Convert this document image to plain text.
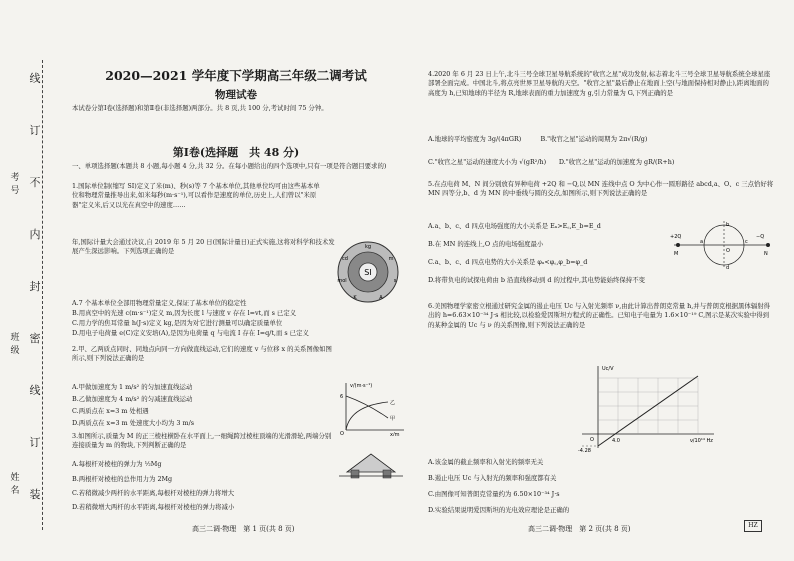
考号
班级
姓名
线
订
不
内
封
密
线
订
装
2020—2021 学年度下学期高三年级二调考试
物理试卷
本试卷分第Ⅰ卷(选择题)和第Ⅱ卷(非选择题)两部分。共 8 页,共 100 分,考试时间 75 分钟。
第Ⅰ卷(选择题　共 48 分)
一、单项选择题(本题共 8 小题,每小题 4 分,共 32 分。在每小题给出的四个选项中,只有一项是符合题目要求的)
1.国际单位制(缩写 SI)定义了米(m)、秒(s)等 7 个基本单位,其他单位均可由这些基本单位和物理常量推导出来,如米每秒(m·s⁻¹),可以看作是速度的单位,历史上,人们曾以"米原器"定义米,后又以光在真空中的速度……
年,国际计量大会通过决议,自 2019 年 5 月 20 日(国际计量日)正式实施,这将对科学和技术发展产生深远影响。下列选项正确的是
A.7 个基本单位全部用物理常量定义,保证了基本单位的稳定性
B.用真空中的光速 c(m·s⁻¹)定义 m,因为长度 l 与速度 v 存在 l=vt,而 s 已定义
C.用力学的焦耳常量 h(J·s)定义 kg,是因为对它进行测量可以确定质量单位
D.用电子电荷量 e(C)定义安培(A),是因为电荷量 q 与电流 I 存在 I=q/t,而 s 已定义
2.甲、乙两质点同时、同地点向同一方向做直线运动,它们的速度 v 与位移 x 的关系图像如图所示,则下列说法正确的是
A.甲做加速度为 1 m/s² 的匀加速直线运动
B.乙做加速度为 4 m/s² 的匀减速直线运动
C.两质点在 x=3 m 处相遇
D.两质点在 x=3 m 处速度大小均为 3 m/s
3.如图所示,质量为 M 的正三棱柱横卧在水平面上,一细绳跨过棱柱顶端的光滑滑轮,两端分别连接质量为 m 的物块,下列判断正确的是
A.每根杆对棱柱的弹力为 ½Mg
B.两根杆对棱柱的总作用力为 2Mg
C.若稍微减少两杆的水平距离,每根杆对棱柱的弹力将增大
D.若稍微增大两杆的水平距离,每根杆对棱柱的弹力将减小
SI
kg
m
s
A
K
mol
cd
v/(m·s⁻¹)
x/m
6
O
甲
乙
高三二调·物理　第 1 页(共 8 页)
4.2020 年 6 月 23 日上午,北斗三号全球卫星导航系统的"收官之星"成功发射,标志着北斗三号全球卫星导航系统全球星座部署全面完成。中国北斗,将点亮世界卫星导航的天空。"收官之星"最后静止在地面上空(与地面保持相对静止),距离地面的高度为 h,已知地球的半径为 R,地球表面的重力加速度为 g,引力常量为 G,下列正确的是
A.地球的平均密度为 3g/(4πGR)　　　B."收官之星"运动的周期为 2π√(R/g)
C."收官之星"运动的速度大小为 √(gR²/h)　　D."收官之星"运动的加速度为 gR/(R+h)
5.在点电荷 M、N 间分别放有异种电荷 +2Q 和 −Q,以 MN 连线中点 O 为中心作一圆形路径 abcd,a、O、c 三点恰好将 MN 四等分,b、d 为 MN 的中垂线与圆的交点,如图所示,则下列说法正确的是
A.a、b、c、d 四点电场强度的大小关系是 Eₐ>E꜀,E_b=E_d
B.在 MN 的连线上,O 点的电场强度最小
C.a、b、c、d 四点电势的大小关系是 φₐ<φ꜀,φ_b=φ_d
D.将带负电的试探电荷由 b 沿直线移动到 d 的过程中,其电势能始终保持不变
+2Q	−Q
M	N
a
b
c
d
O
6.美国物理学家密立根通过研究金属的遏止电压 Uc 与入射光频率 ν,由此计算出普朗克常量 h,并与普朗克根据黑体辐射得出的 h=6.63×10⁻³⁴ J·s 相比较,以检验爱因斯坦方程式的正确性。已知电子电量为 1.6×10⁻¹⁹ C,图示是某次实验中得到的某种金属的 Uc 与 ν 的关系图像,则下列说法正确的是
Uc/V
ν/10¹⁴ Hz
-4.28
O	4.0
A.该金属的截止频率和入射光的频率无关
B.遏止电压 Uc 与入射光的频率和强度都有关
C.由图像可知普朗克常量约为 6.50×10⁻³⁴ J·s
D.实验结果说明爱因斯坦的光电效应理论是正确的
高三二调·物理　第 2 页(共 8 页)	HZ
